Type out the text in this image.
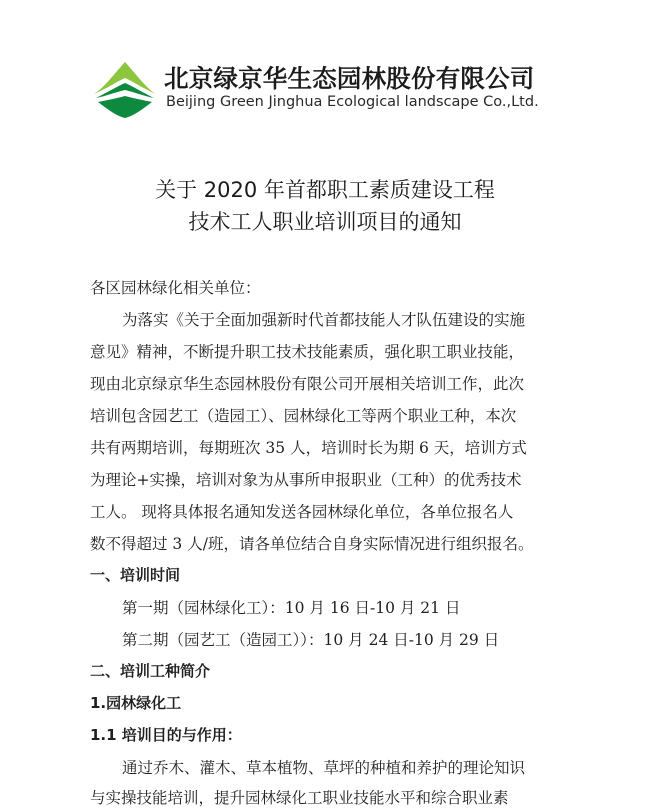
北京绿京华生态园林股份有限公司
Beijing Green Jinghua Ecological landscape Co.,Ltd.
关于 2020 年首都职工素质建设工程
技术工人职业培训项目的通知
各区园林绿化相关单位：
为落实《关于全面加强新时代首都技能人才队伍建设的实施
意见》精神，不断提升职工技术技能素质，强化职工职业技能，
现由北京绿京华生态园林股份有限公司开展相关培训工作，此次
培训包含园艺工（造园工）、园林绿化工等两个职业工种，本次
共有两期培训，每期班次 35 人，培训时长为期 6 天，培训方式
为理论+实操，培训对象为从事所申报职业（工种）的优秀技术
工人。 现将具体报名通知发送各园林绿化单位，各单位报名人
数不得超过 3 人/班，请各单位结合自身实际情况进行组织报名。
一、培训时间
第一期（园林绿化工）：10 月 16 日-10 月 21 日
第二期（园艺工（造园工））：10 月 24 日-10 月 29 日
二、培训工种简介
1.园林绿化工
1.1 培训目的与作用：
通过乔木、灌木、草本植物、草坪的种植和养护的理论知识
与实操技能培训，提升园林绿化工职业技能水平和综合职业素
